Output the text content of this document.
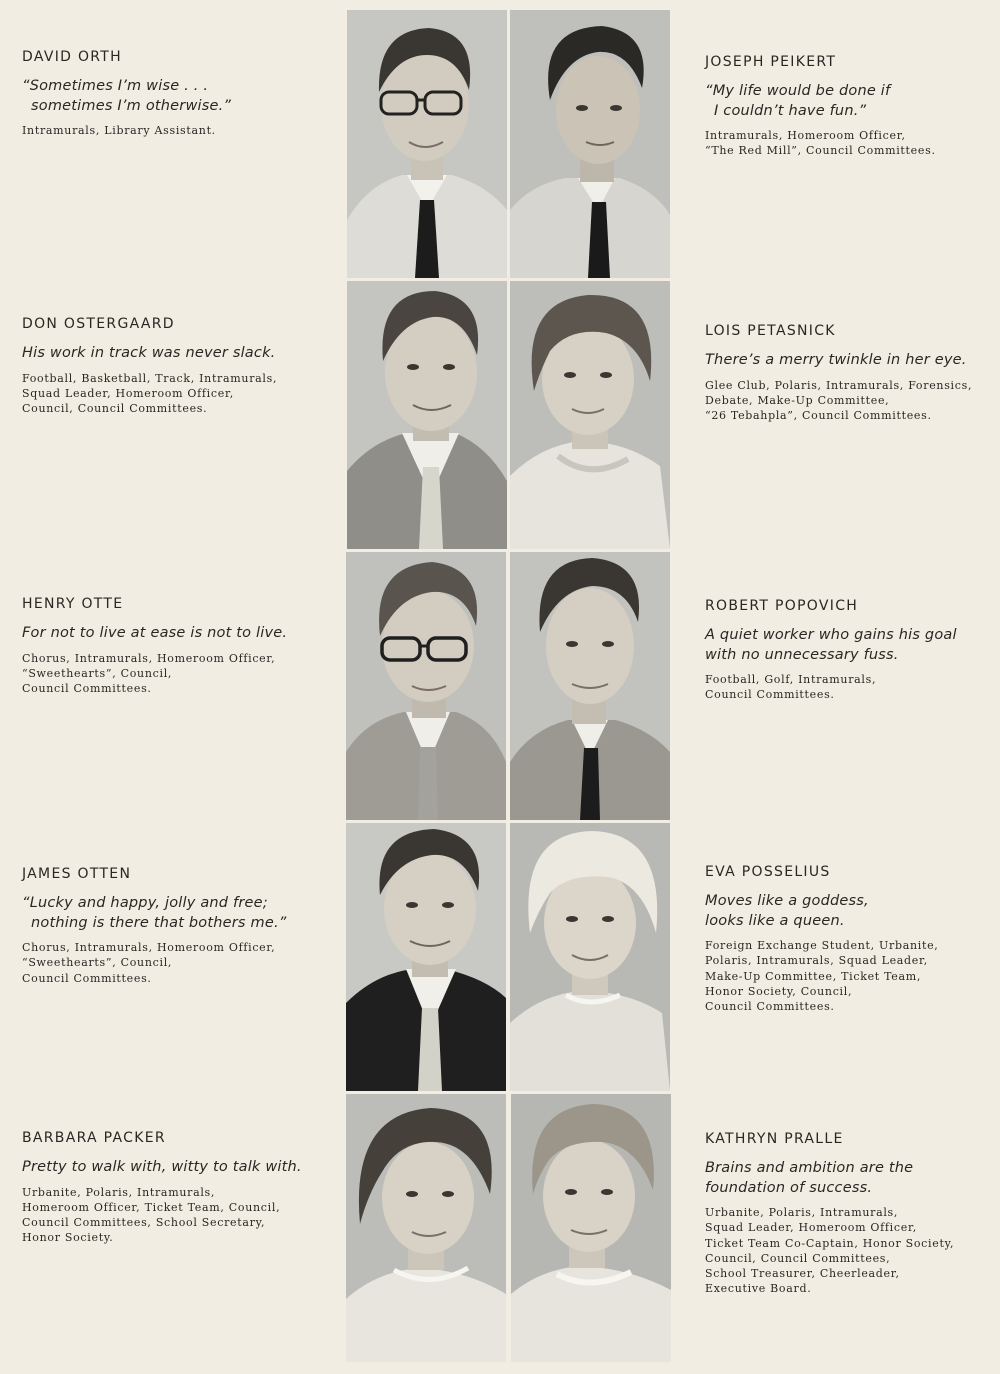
DAVID ORTH
“Sometimes I’m wise . . .
sometimes I’m otherwise.”
Intramurals, Library Assistant.
JOSEPH PEIKERT
“My life would be done if
I couldn’t have fun.”
Intramurals, Homeroom Officer,
“The Red Mill”, Council Committees.
DON OSTERGAARD
His work in track was never slack.
Football, Basketball, Track, Intramurals,
Squad Leader, Homeroom Officer,
Council, Council Committees.
LOIS PETASNICK
There’s a merry twinkle in her eye.
Glee Club, Polaris, Intramurals, Forensics,
Debate, Make-Up Committee,
“26 Tebahpla”, Council Committees.
HENRY OTTE
For not to live at ease is not to live.
Chorus, Intramurals, Homeroom Officer,
“Sweethearts”, Council,
Council Committees.
ROBERT POPOVICH
A quiet worker who gains his goal
with no unnecessary fuss.
Football, Golf, Intramurals,
Council Committees.
JAMES OTTEN
“Lucky and happy, jolly and free;
nothing is there that bothers me.”
Chorus, Intramurals, Homeroom Officer,
“Sweethearts”, Council,
Council Committees.
EVA POSSELIUS
Moves like a goddess,
looks like a queen.
Foreign Exchange Student, Urbanite,
Polaris, Intramurals, Squad Leader,
Make-Up Committee, Ticket Team,
Honor Society, Council,
Council Committees.
BARBARA PACKER
Pretty to walk with, witty to talk with.
Urbanite, Polaris, Intramurals,
Homeroom Officer, Ticket Team, Council,
Council Committees, School Secretary,
Honor Society.
KATHRYN PRALLE
Brains and ambition are the
foundation of success.
Urbanite, Polaris, Intramurals,
Squad Leader, Homeroom Officer,
Ticket Team Co-Captain, Honor Society,
Council, Council Committees,
School Treasurer, Cheerleader,
Executive Board.
